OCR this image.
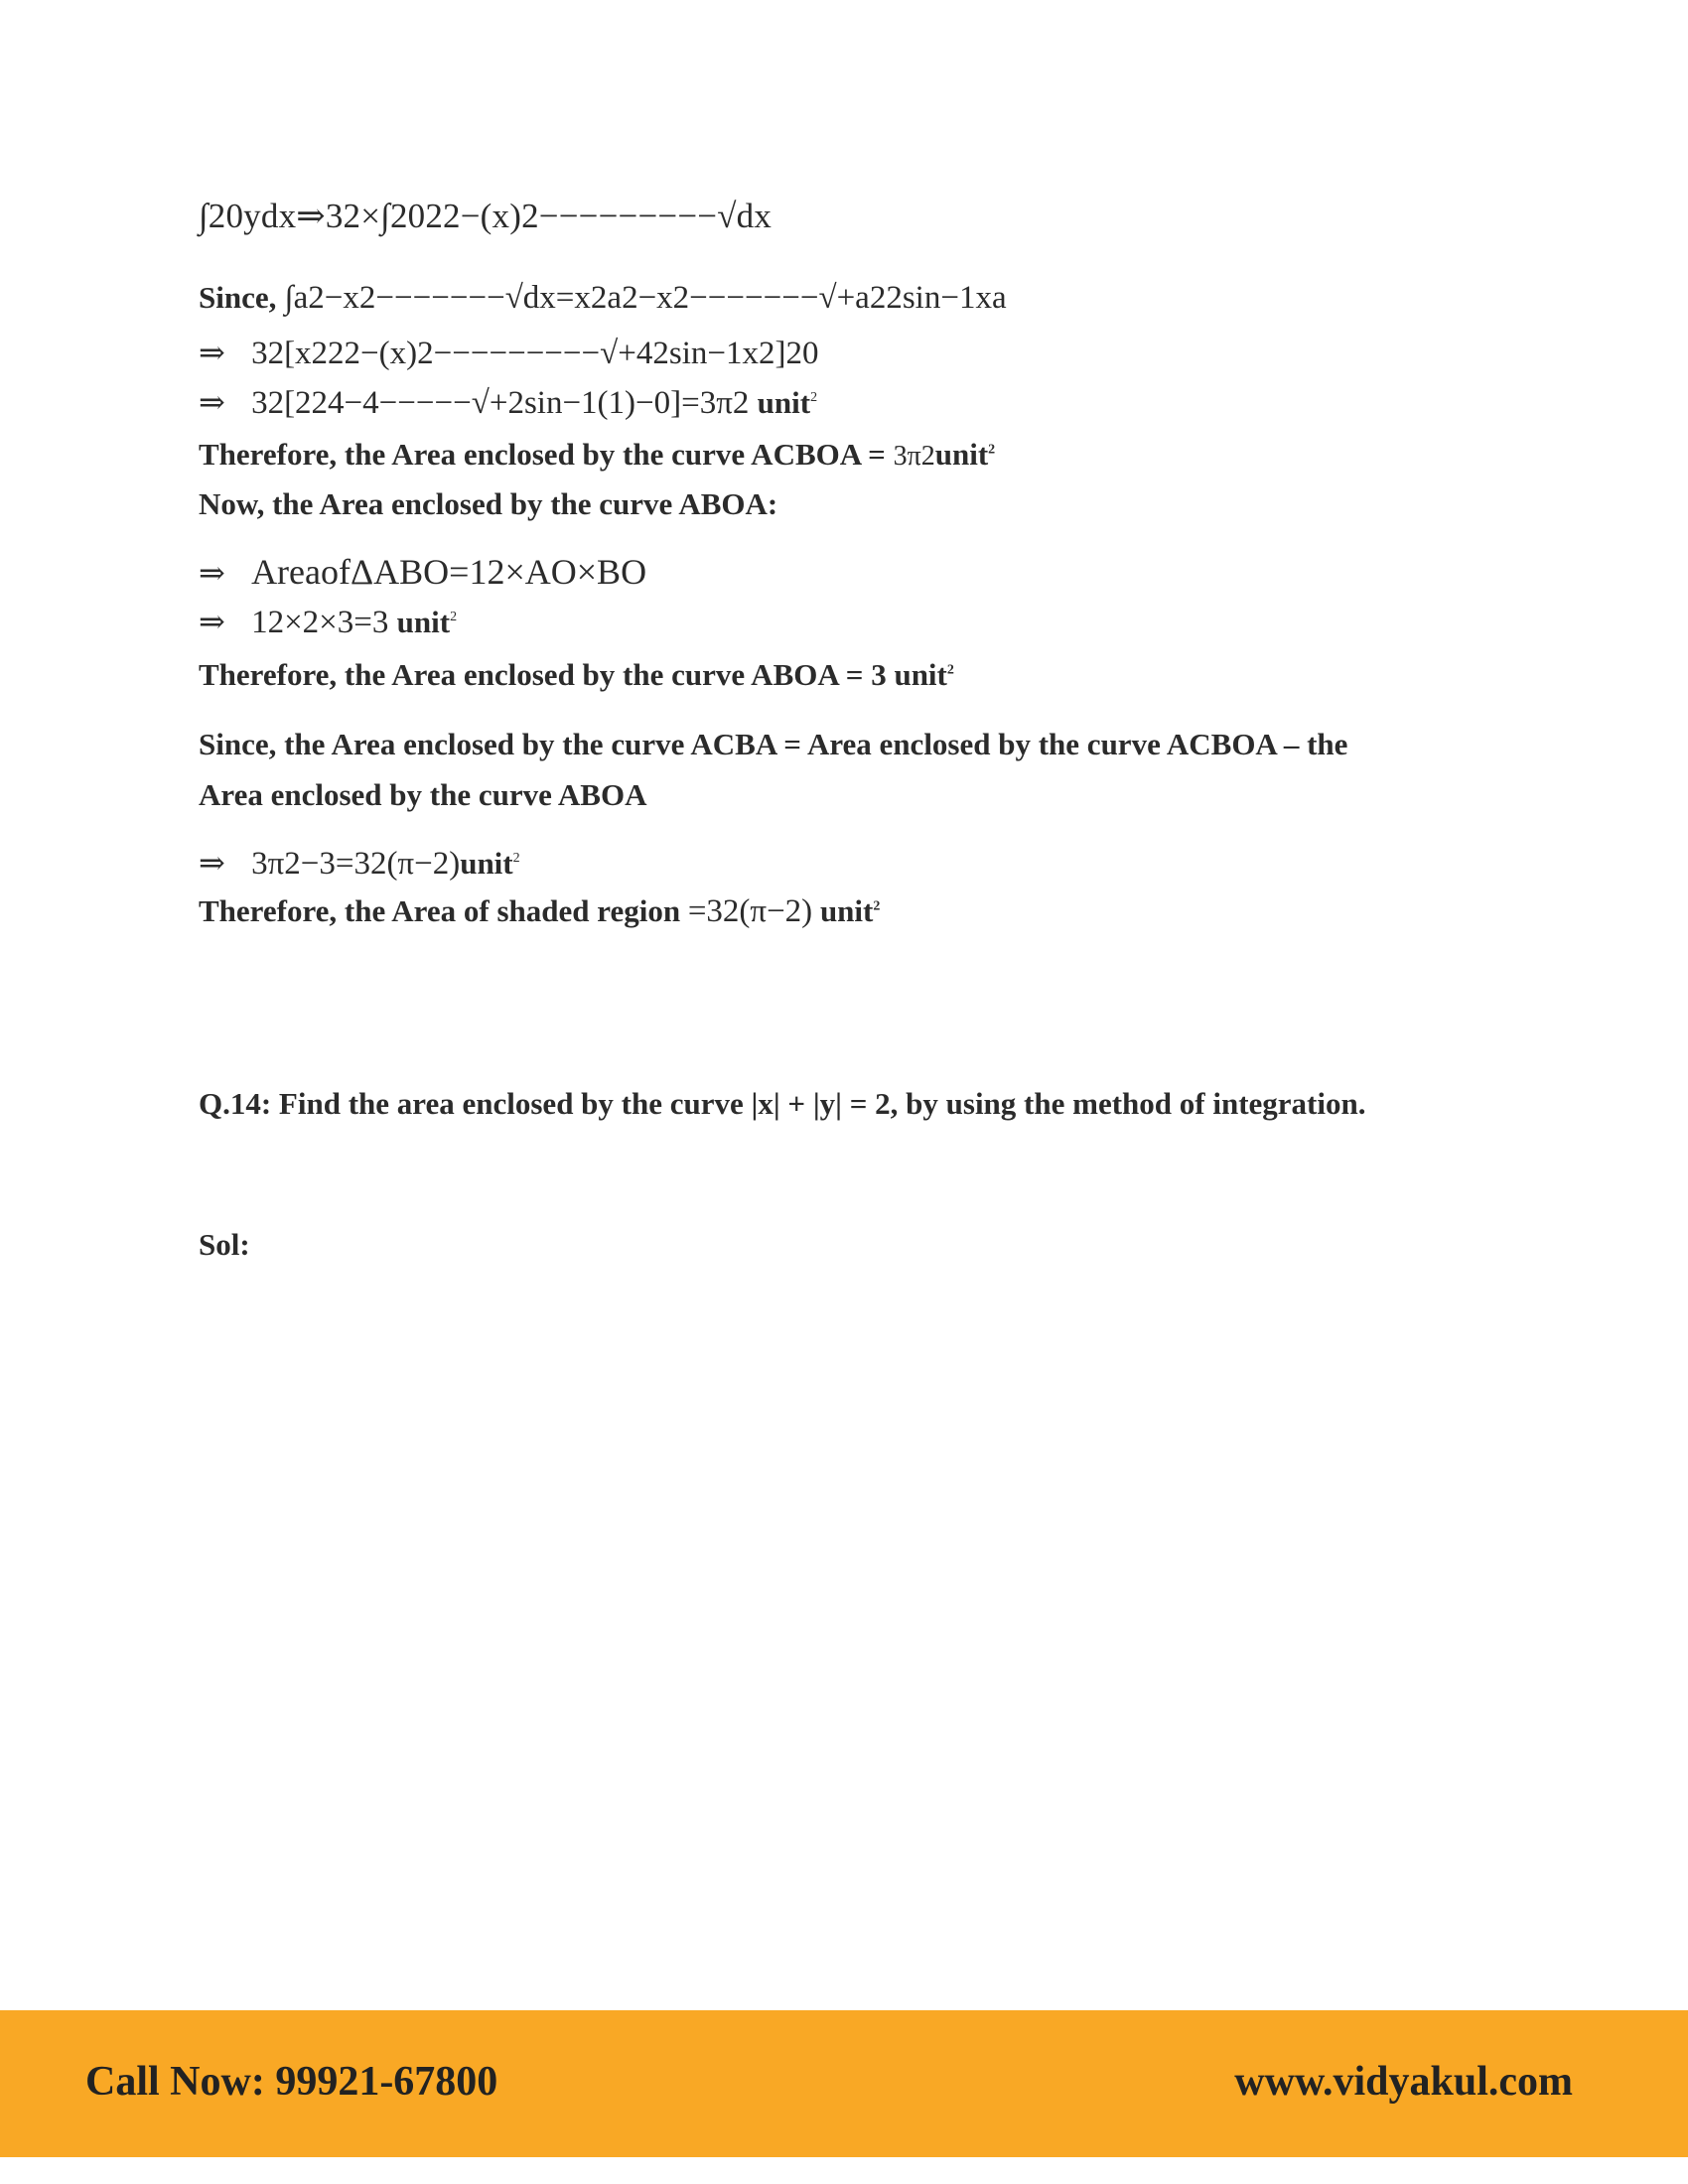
∫20ydx⇒32×∫2022−(x)2−−−−−−−−−√dx
Since, ∫a2−x2−−−−−−−√dx=x2a2−x2−−−−−−−√+a22sin−1xa
⇒ 32[x222−(x)2−−−−−−−−−√+42sin−1x2]20
⇒ 32[224−4−−−−−√+2sin−1(1)−0]=3π2 unit$^2$
Therefore, the Area enclosed by the curve ACBOA = 3π2unit$^2$
Now, the Area enclosed by the curve ABOA:
⇒ AreaofΔABO=12×AO×BO
⇒ 12×2×3=3 unit$^2$
Therefore, the Area enclosed by the curve ABOA = 3 unit$^2$
Since, the Area enclosed by the curve ACBA = Area enclosed by the curve ACBOA – the
Area enclosed by the curve ABOA
⇒ 3π2−3=32(π−2)unit$^2$
Therefore, the Area of shaded region =32(π−2) unit$^2$
Q.14: Find the area enclosed by the curve |x| + |y| = 2, by using the method of integration.
Sol:
Call Now: 99921-67800	www.vidyakul.com
